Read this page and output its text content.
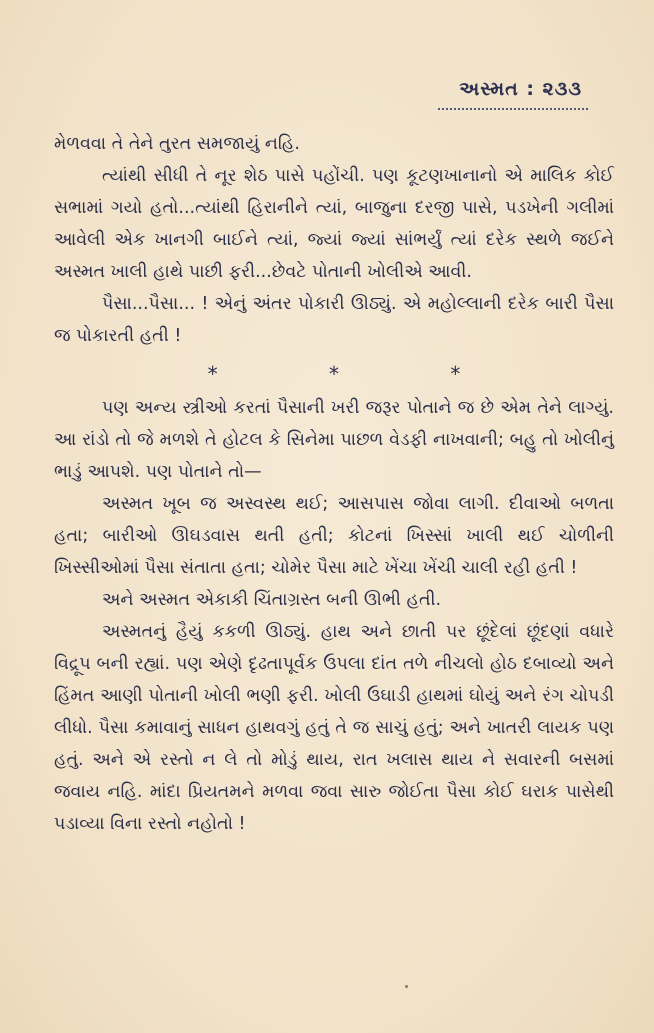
અસ્મત : ૨૩૩

મેળવવા તે તેને તુરત સમજાયું નહિ.

ત્યાંથી સીધી તે નૂર શેઠ પાસે પહોંચી. પણ કૂટણખાનાનો એ માલિક કોઈ સભામાં ગયો હતો...ત્યાંથી હિરાનીને ત્યાં, બાજુના દરજી પાસે, પડખેની ગલીમાં આવેલી એક ખાનગી બાઈને ત્યાં, જ્યાં જ્યાં સાંભર્યું ત્યાં દરેક સ્થળે જઈને અસ્મત ખાલી હાથે પાછી ફરી...છેવટે પોતાની ખોલીએ આવી.

પૈસા...પૈસા... ! એનું અંતર પોકારી ઊઠ્યું. એ મહોલ્લાની દરેક બારી પૈસા જ પોકારતી હતી !

*	*	*

પણ અન્ય સ્ત્રીઓ કરતાં પૈસાની ખરી જરૂર પોતાને જ છે એમ તેને લાગ્યું. આ રાંડો તો જે મળશે તે હોટલ કે સિનેમા પાછળ વેડફી નાખવાની; બહુ તો ખોલીનું ભાડું આપશે. પણ પોતાને તો—

અસ્મત ખૂબ જ અસ્વસ્થ થઈ; આસપાસ જોવા લાગી. દીવાઓ બળતા હતા; બારીઓ ઊઘડવાસ થતી હતી; કોટનાં ખિસ્સાં ખાલી થઈ ચોળીની ખિસ્સીઓમાં પૈસા સંતાતા હતા; ચોમેર પૈસા માટે ખેંચા ખેંચી ચાલી રહી હતી !

અને અસ્મત એકાકી ચિંતાગ્રસ્ત બની ઊભી હતી.

અસ્મતનું હૈયું કકળી ઊઠ્યું. હાથ અને છાતી પર છૂંદેલાં છૂંદણાં વધારે વિદ્રૂપ બની રહ્યાં. પણ એણે દૃઢતાપૂર્વક ઉપલા દાંત તળે નીચલો હોઠ દબાવ્યો અને હિંમત આણી પોતાની ખોલી ભણી ફરી. ખોલી ઉઘાડી હાથમાં ઘોયું અને રંગ ચોપડી લીધો. પૈસા કમાવાનું સાધન હાથવગું હતું તે જ સાચું હતું; અને ખાતરી લાયક પણ હતું. અને એ રસ્તો ન લે તો મોડું થાય, રાત ખલાસ થાય ને સવારની બસમાં જવાય નહિ. માંદા પ્રિયતમને મળવા જવા સારુ જોઈતા પૈસા કોઈ ઘરાક પાસેથી પડાવ્યા વિના રસ્તો નહોતો !
